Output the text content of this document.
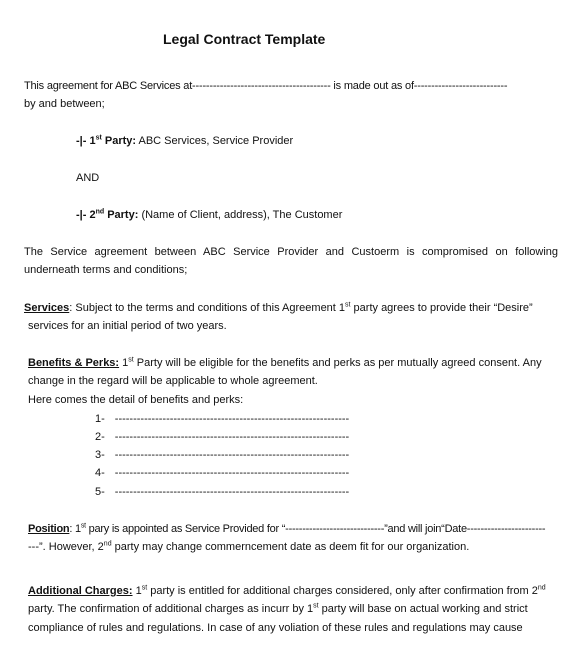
Legal Contract Template
This agreement for ABC Services at---------------------------------------- is made out as of---------------------------
by and between;
-|- 1st Party: ABC Services, Service Provider
AND
-|- 2nd Party: (Name of Client, address), The Customer
The Service agreement between ABC Service Provider and Custoerm is compromised on following
underneath terms and conditions;
Services: Subject to the terms and conditions of this Agreement 1st party agrees to provide their “Desire”
services for an initial period of two years.
Benefits & Perks: 1st Party will be eligible for the benefits and perks as per mutually agreed consent. Any
change in the regard will be applicable to whole agreement.
Here comes the detail of benefits and perks:
1- ----------------------------------------------------------------
2- ----------------------------------------------------------------
3- ----------------------------------------------------------------
4- ----------------------------------------------------------------
5- ----------------------------------------------------------------
Position: 1st pary is appointed as Service Provided for “-----------------------------”and will join“Date-----------------------
---”. However, 2nd party may change commerncement date as deem fit for our organization.
Additional Charges: 1st party is entitled for additional charges considered, only after confirmation from 2nd
party. The confirmation of additional charges as incurr by 1st party will base on actual working and strict
compliance of rules and regulations. In case of any voliation of these rules and regulations may cause
